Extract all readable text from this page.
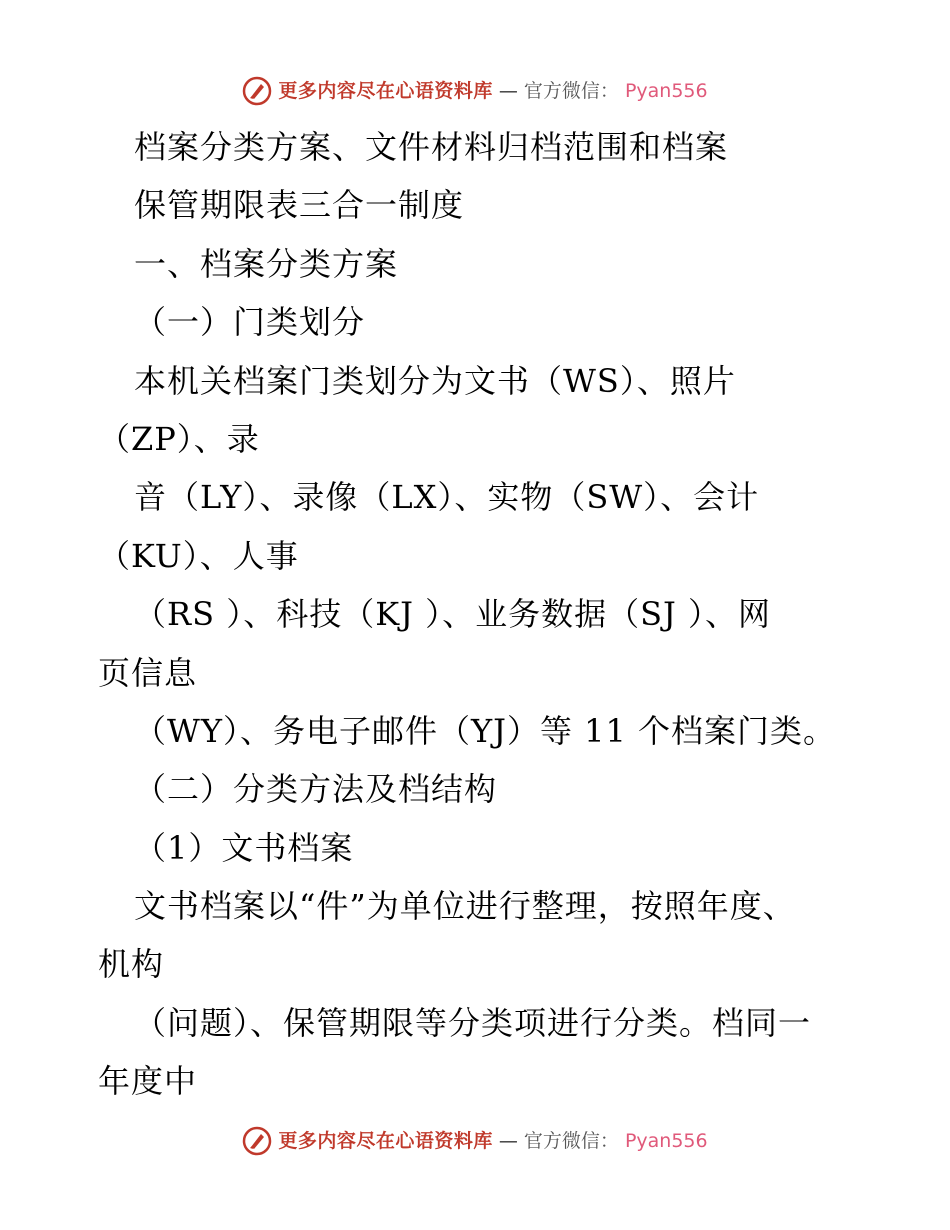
更多内容尽在心语资料库 — 官方微信： Pyan556
档案分类方案、文件材料归档范围和档案
保管期限表三合一制度
一、档案分类方案
（一）门类划分
本机关档案门类划分为文书（WS）、照片
（ZP）、录
音（LY）、录像（LX）、实物（SW）、会计
（KU）、人事
（RS ）、科技（KJ ）、业务数据（SJ ）、网
页信息
（WY）、务电子邮件（YJ）等 11 个档案门类。
（二）分类方法及档结构
（1）文书档案
文书档案以“件”为单位进行整理，按照年度、
机构
（问题）、保管期限等分类项进行分类。档同一
年度中
更多内容尽在心语资料库 — 官方微信： Pyan556
